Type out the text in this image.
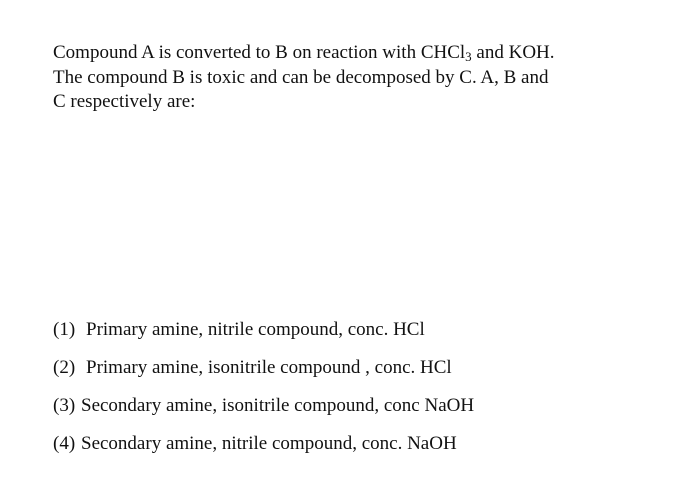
Compound A is converted to B on reaction with CHCl$_3$ and KOH.
The compound B is toxic and can be decomposed by C. A, B and
C respectively are:
(1) Primary amine, nitrile compound, conc. HCl
(2) Primary amine, isonitrile compound , conc. HCl
(3) Secondary amine, isonitrile compound, conc NaOH
(4) Secondary amine, nitrile compound, conc. NaOH
